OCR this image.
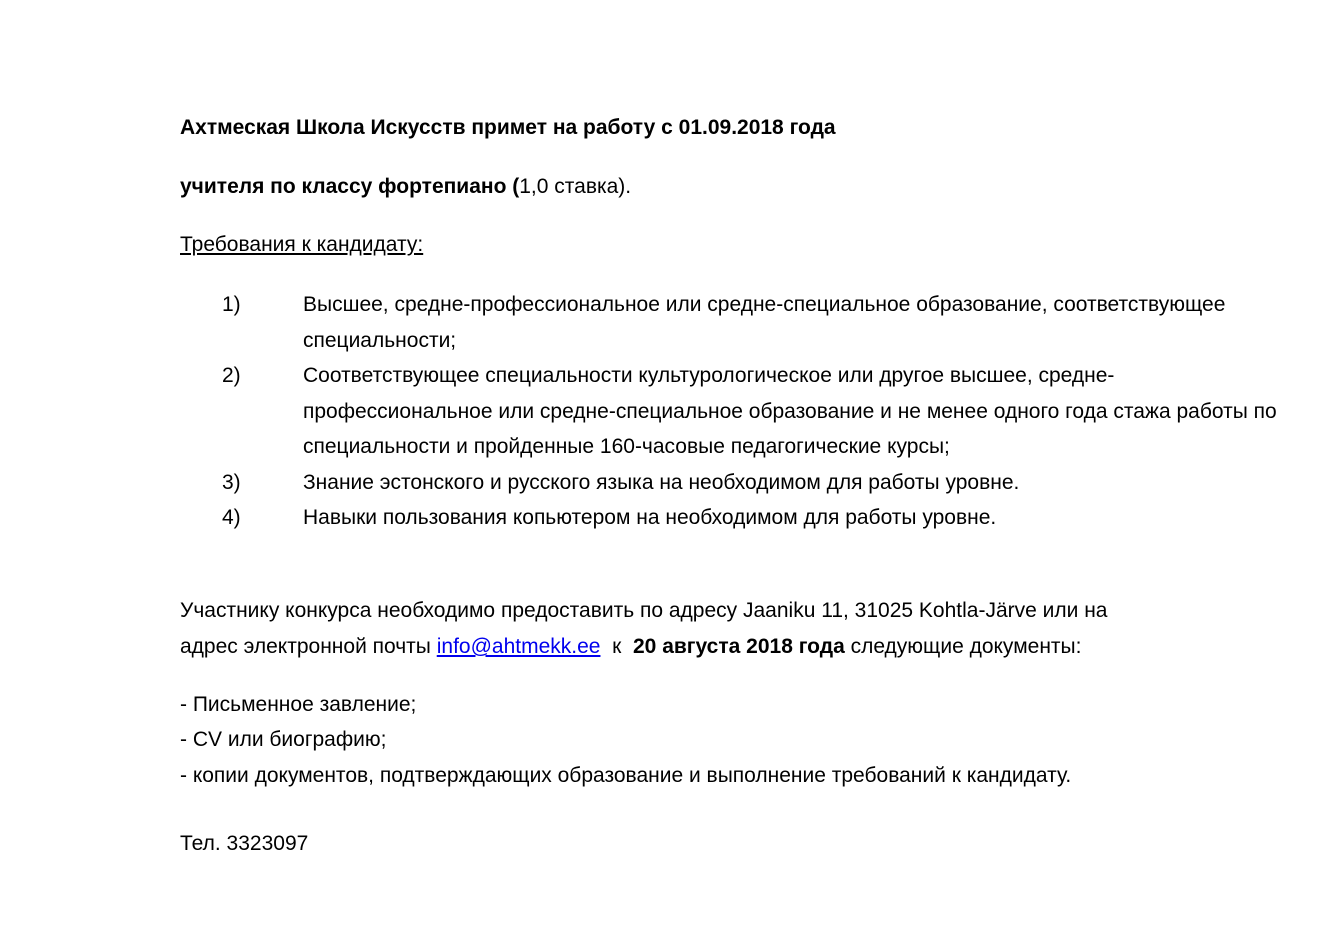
Ахтмеская Школа Искусств примет на работу с 01.09.2018 года
учителя по классу фортепиано (1,0 ставка).
Требования к кандидату:
1)	Высшее, средне-профессиональное или средне-специальное образование, соответствующее специальности;
2)	Соответствующее специальности культурологическое или другое высшее, средне-профессиональное или средне-специальное образование и не менее одного года стажа работы по специальности и пройденные 160-часовые педагогические курсы;
3)	Знание эстонского и русского языка на необходимом для работы уровне.
4)	Навыки пользования копьютером на необходимом для работы уровне.
Участнику конкурса необходимо предоставить по адресу Jaaniku 11, 31025 Kohtla-Järve или на
адрес электронной почты info@ahtmekk.ee  к  20 августа 2018 года следующие документы:
- Письменное завление;
- CV или биографию;
- копии документов, подтверждающих образование и выполнение требований к кандидату.
Тел. 3323097
